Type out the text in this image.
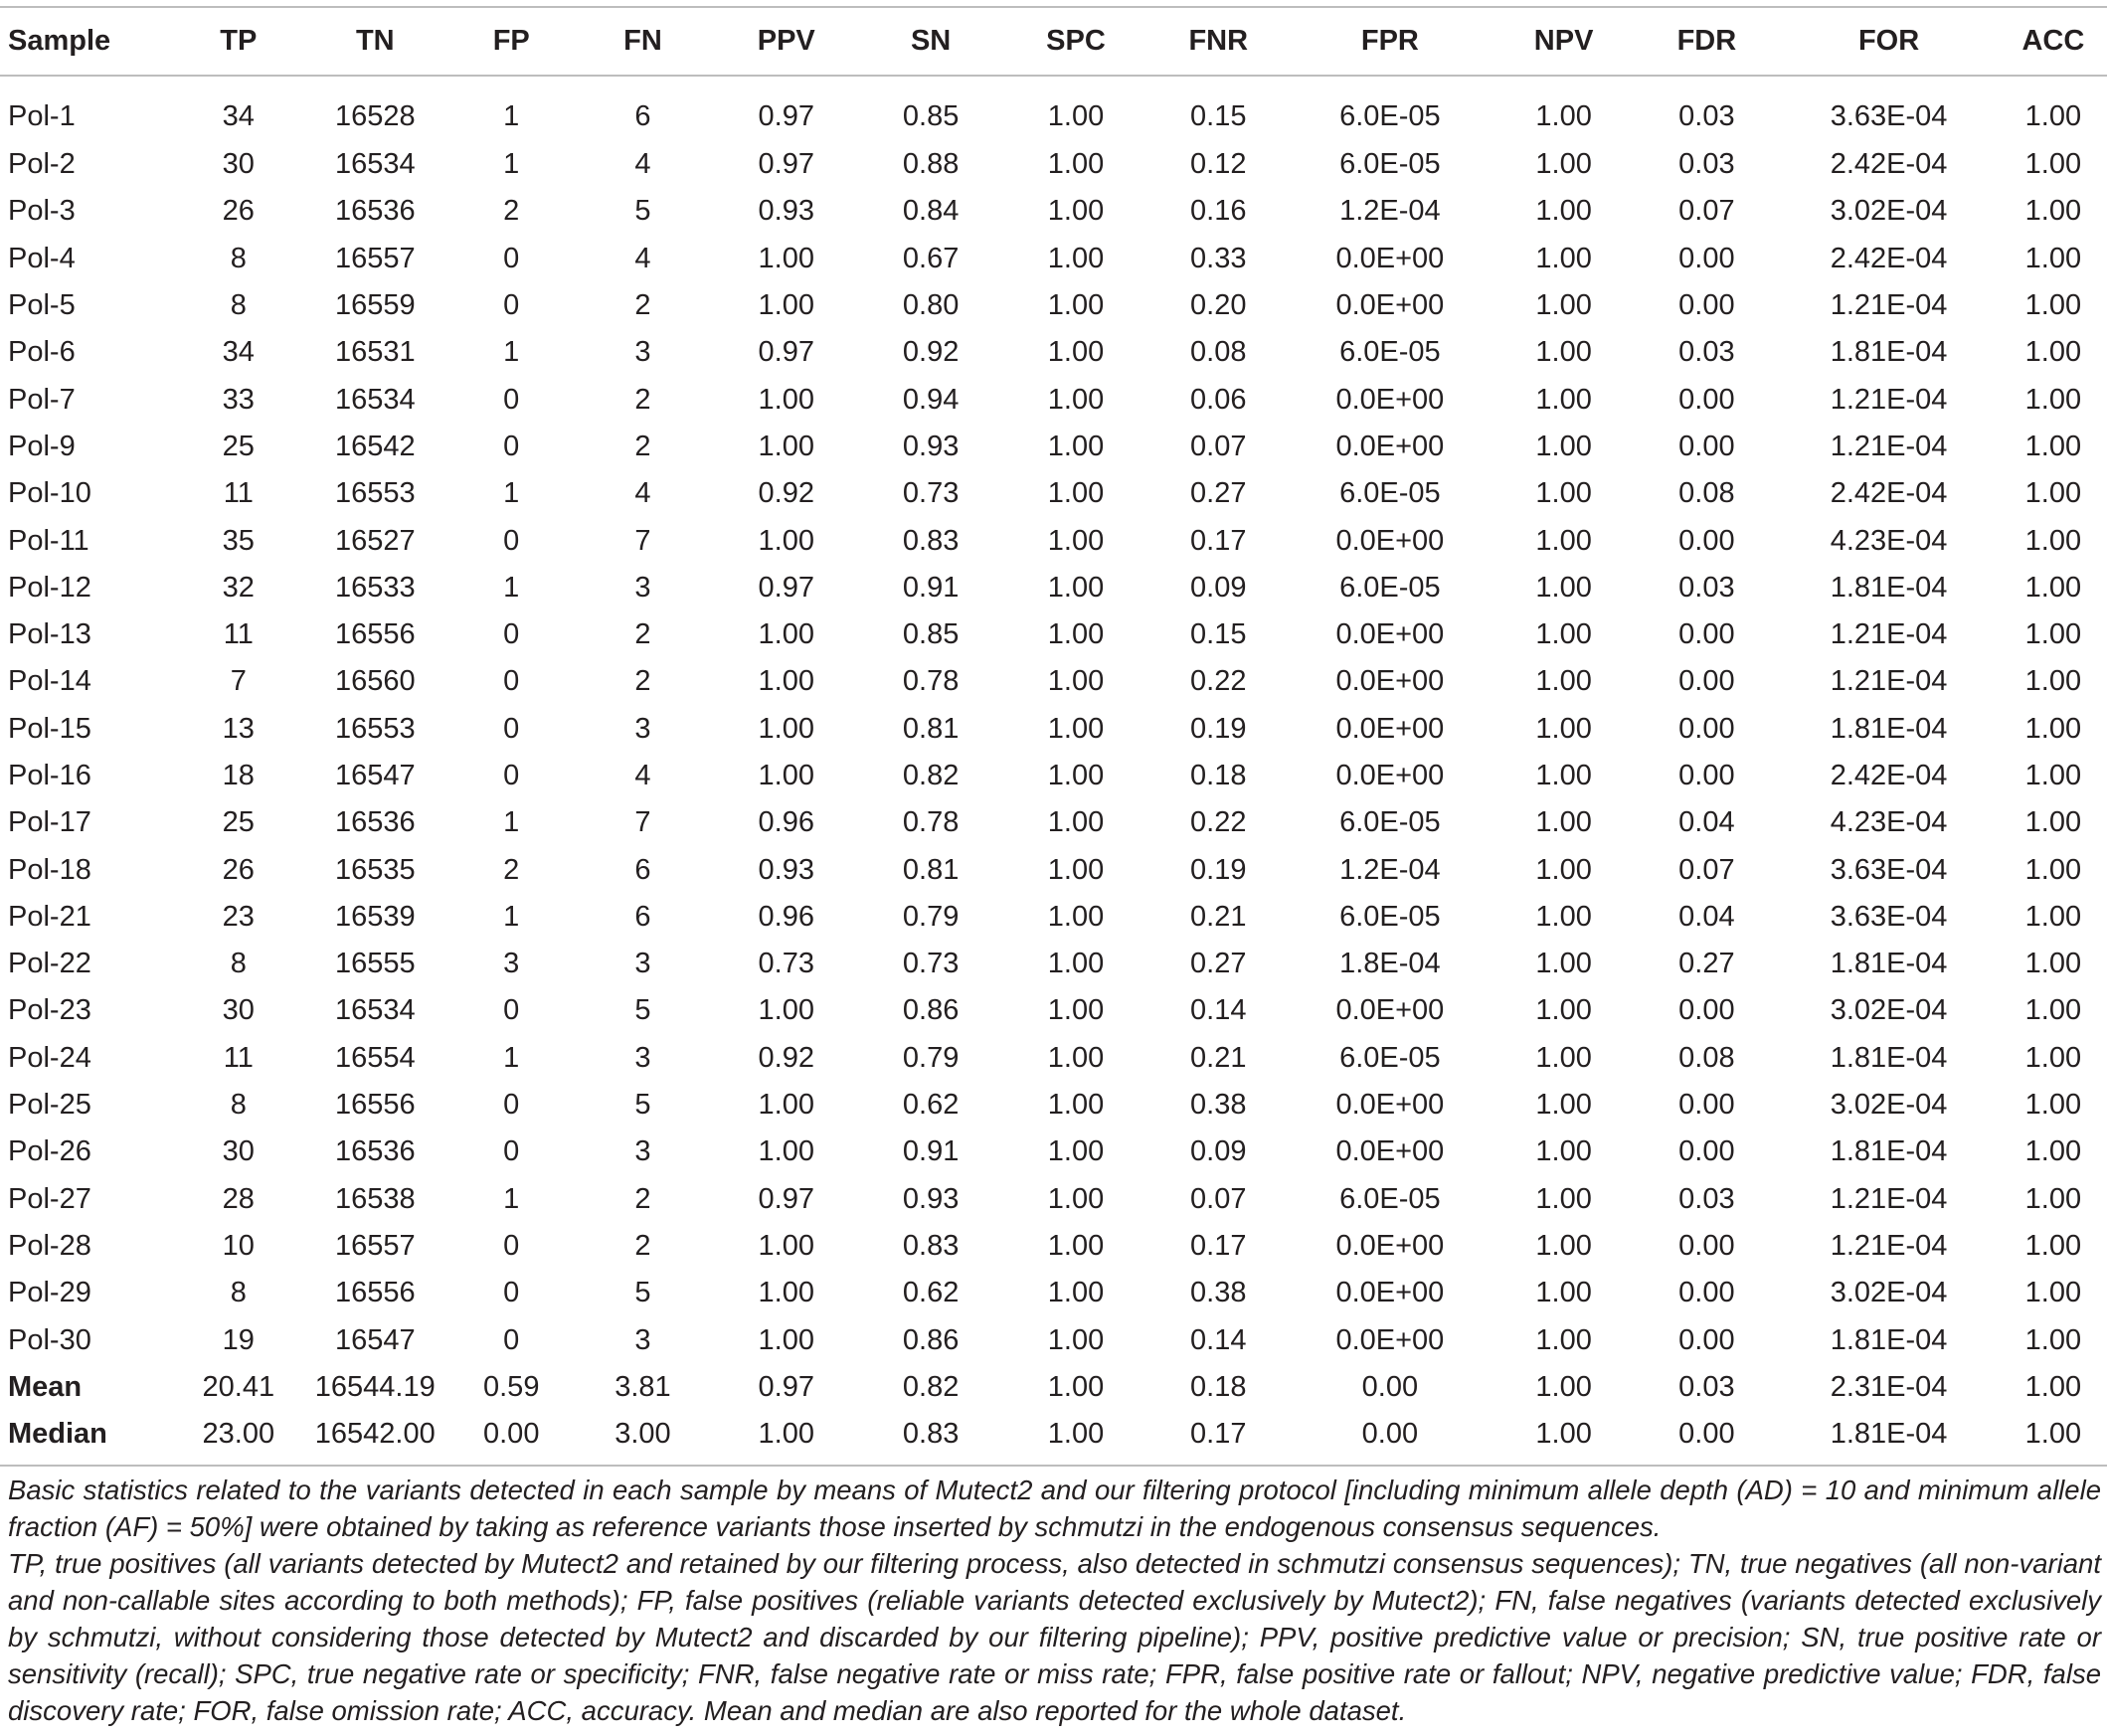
Sample	TP	TN	FP	FN	PPV	SN	SPC	FNR	FPR	NPV	FDR	FOR	ACC
Pol-1	34	16528	1	6	0.97	0.85	1.00	0.15	6.0E-05	1.00	0.03	3.63E-04	1.00
Pol-2	30	16534	1	4	0.97	0.88	1.00	0.12	6.0E-05	1.00	0.03	2.42E-04	1.00
Pol-3	26	16536	2	5	0.93	0.84	1.00	0.16	1.2E-04	1.00	0.07	3.02E-04	1.00
Pol-4	8	16557	0	4	1.00	0.67	1.00	0.33	0.0E+00	1.00	0.00	2.42E-04	1.00
Pol-5	8	16559	0	2	1.00	0.80	1.00	0.20	0.0E+00	1.00	0.00	1.21E-04	1.00
Pol-6	34	16531	1	3	0.97	0.92	1.00	0.08	6.0E-05	1.00	0.03	1.81E-04	1.00
Pol-7	33	16534	0	2	1.00	0.94	1.00	0.06	0.0E+00	1.00	0.00	1.21E-04	1.00
Pol-9	25	16542	0	2	1.00	0.93	1.00	0.07	0.0E+00	1.00	0.00	1.21E-04	1.00
Pol-10	11	16553	1	4	0.92	0.73	1.00	0.27	6.0E-05	1.00	0.08	2.42E-04	1.00
Pol-11	35	16527	0	7	1.00	0.83	1.00	0.17	0.0E+00	1.00	0.00	4.23E-04	1.00
Pol-12	32	16533	1	3	0.97	0.91	1.00	0.09	6.0E-05	1.00	0.03	1.81E-04	1.00
Pol-13	11	16556	0	2	1.00	0.85	1.00	0.15	0.0E+00	1.00	0.00	1.21E-04	1.00
Pol-14	7	16560	0	2	1.00	0.78	1.00	0.22	0.0E+00	1.00	0.00	1.21E-04	1.00
Pol-15	13	16553	0	3	1.00	0.81	1.00	0.19	0.0E+00	1.00	0.00	1.81E-04	1.00
Pol-16	18	16547	0	4	1.00	0.82	1.00	0.18	0.0E+00	1.00	0.00	2.42E-04	1.00
Pol-17	25	16536	1	7	0.96	0.78	1.00	0.22	6.0E-05	1.00	0.04	4.23E-04	1.00
Pol-18	26	16535	2	6	0.93	0.81	1.00	0.19	1.2E-04	1.00	0.07	3.63E-04	1.00
Pol-21	23	16539	1	6	0.96	0.79	1.00	0.21	6.0E-05	1.00	0.04	3.63E-04	1.00
Pol-22	8	16555	3	3	0.73	0.73	1.00	0.27	1.8E-04	1.00	0.27	1.81E-04	1.00
Pol-23	30	16534	0	5	1.00	0.86	1.00	0.14	0.0E+00	1.00	0.00	3.02E-04	1.00
Pol-24	11	16554	1	3	0.92	0.79	1.00	0.21	6.0E-05	1.00	0.08	1.81E-04	1.00
Pol-25	8	16556	0	5	1.00	0.62	1.00	0.38	0.0E+00	1.00	0.00	3.02E-04	1.00
Pol-26	30	16536	0	3	1.00	0.91	1.00	0.09	0.0E+00	1.00	0.00	1.81E-04	1.00
Pol-27	28	16538	1	2	0.97	0.93	1.00	0.07	6.0E-05	1.00	0.03	1.21E-04	1.00
Pol-28	10	16557	0	2	1.00	0.83	1.00	0.17	0.0E+00	1.00	0.00	1.21E-04	1.00
Pol-29	8	16556	0	5	1.00	0.62	1.00	0.38	0.0E+00	1.00	0.00	3.02E-04	1.00
Pol-30	19	16547	0	3	1.00	0.86	1.00	0.14	0.0E+00	1.00	0.00	1.81E-04	1.00
Mean	20.41	16544.19	0.59	3.81	0.97	0.82	1.00	0.18	0.00	1.00	0.03	2.31E-04	1.00
Median	23.00	16542.00	0.00	3.00	1.00	0.83	1.00	0.17	0.00	1.00	0.00	1.81E-04	1.00

Basic statistics related to the variants detected in each sample by means of Mutect2 and our filtering protocol [including minimum allele depth (AD) = 10 and minimum allele fraction (AF) = 50%] were obtained by taking as reference variants those inserted by schmutzi in the endogenous consensus sequences.

TP, true positives (all variants detected by Mutect2 and retained by our filtering process, also detected in schmutzi consensus sequences); TN, true negatives (all non-variant and non-callable sites according to both methods); FP, false positives (reliable variants detected exclusively by Mutect2); FN, false negatives (variants detected exclusively by schmutzi, without considering those detected by Mutect2 and discarded by our filtering pipeline); PPV, positive predictive value or precision; SN, true positive rate or sensitivity (recall); SPC, true negative rate or specificity; FNR, false negative rate or miss rate; FPR, false positive rate or fallout; NPV, negative predictive value; FDR, false discovery rate; FOR, false omission rate; ACC, accuracy. Mean and median are also reported for the whole dataset.
